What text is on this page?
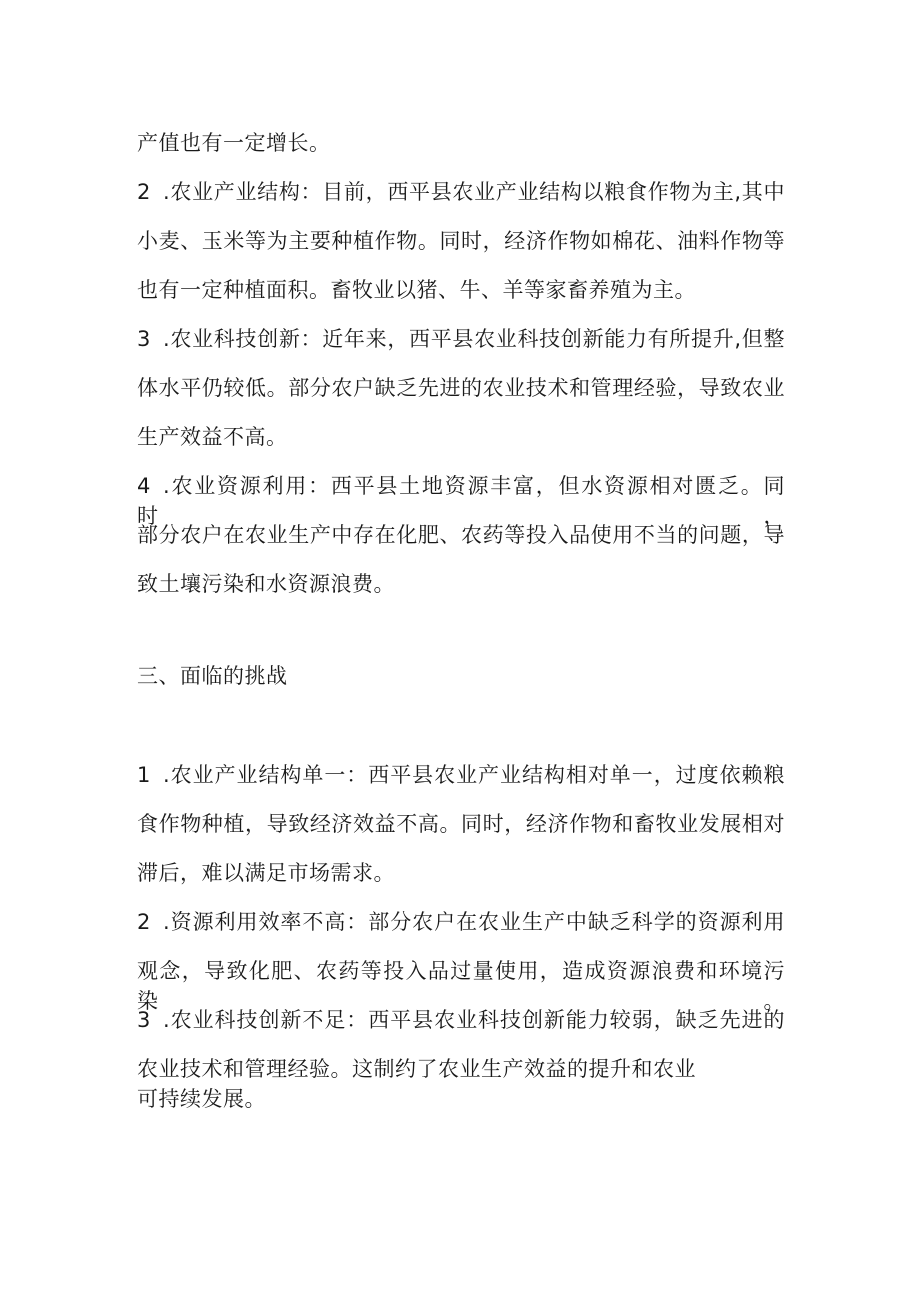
产值也有一定增长。
2 .农业产业结构：目前，西平县农业产业结构以粮食作物为主,其中
小麦、玉米等为主要种植作物。同时，经济作物如棉花、油料作物等
也有一定种植面积。畜牧业以猪、牛、羊等家畜养殖为主。
3 .农业科技创新：近年来，西平县农业科技创新能力有所提升,但整
体水平仍较低。部分农户缺乏先进的农业技术和管理经验，导致农业
生产效益不高。
4 .农业资源利用：西平县土地资源丰富，但水资源相对匮乏。同时，
部分农户在农业生产中存在化肥、农药等投入品使用不当的问题，导
致土壤污染和水资源浪费。
三、面临的挑战
1 .农业产业结构单一：西平县农业产业结构相对单一，过度依赖粮
食作物种植，导致经济效益不高。同时，经济作物和畜牧业发展相对
滞后，难以满足市场需求。
2 .资源利用效率不高：部分农户在农业生产中缺乏科学的资源利用
观念，导致化肥、农药等投入品过量使用，造成资源浪费和环境污染。
3 .农业科技创新不足：西平县农业科技创新能力较弱，缺乏先进的
农业技术和管理经验。这制约了农业生产效益的提升和农业
可持续发展。
